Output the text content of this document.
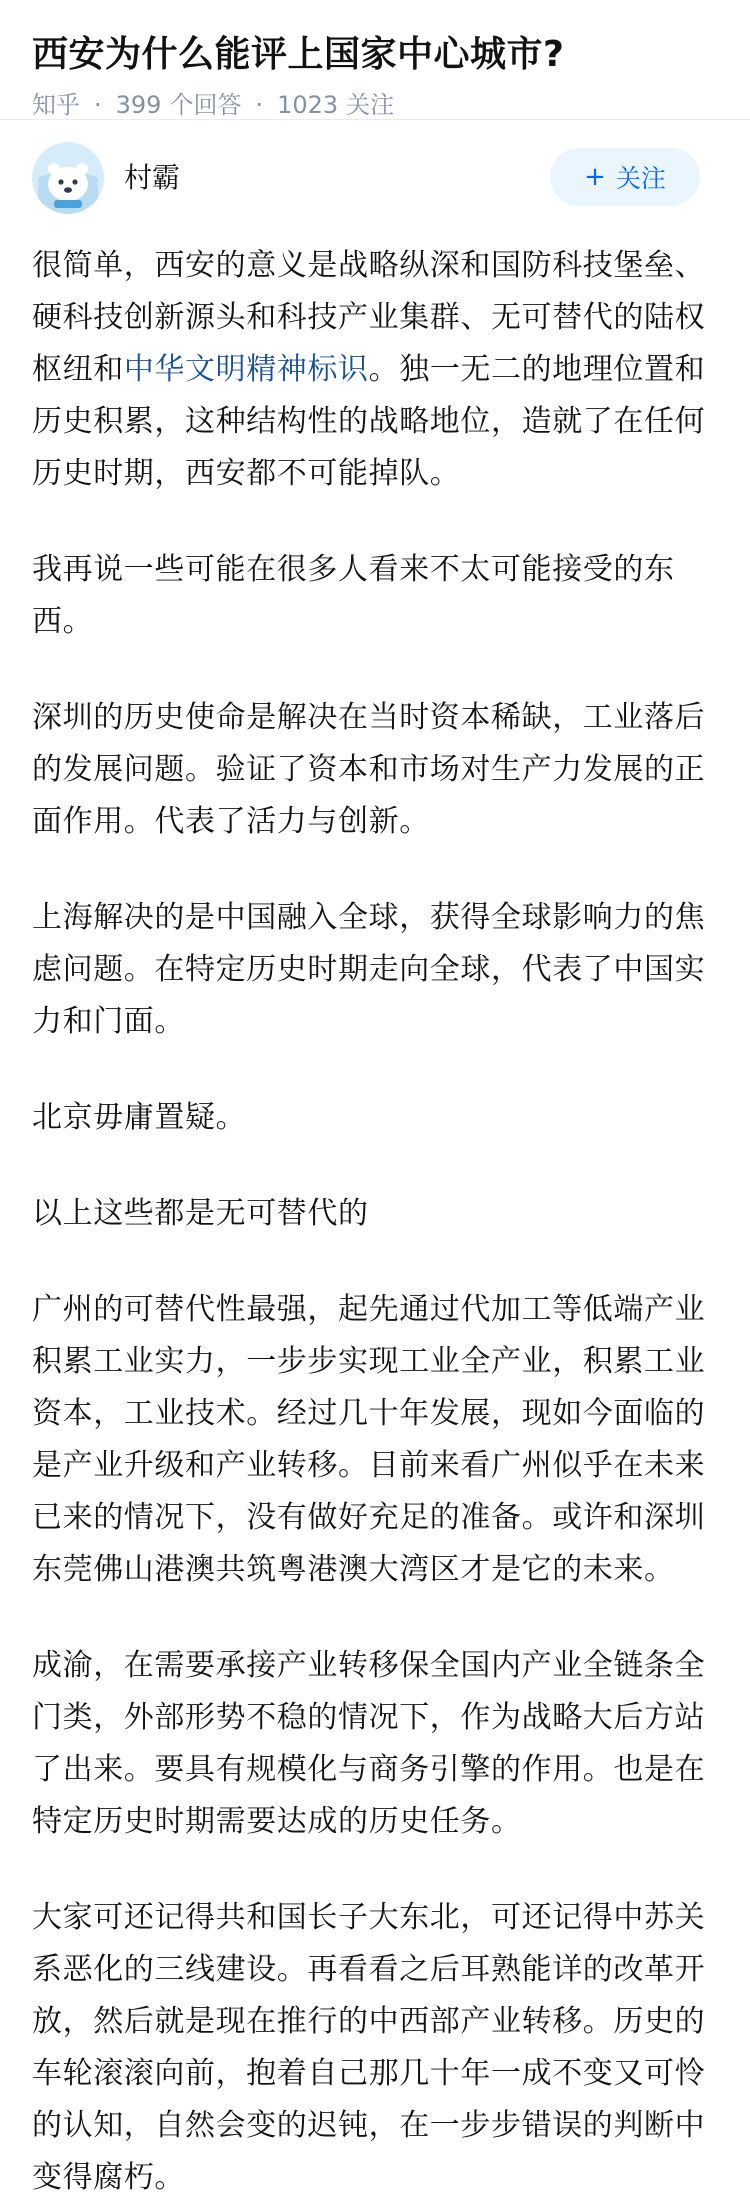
西安为什么能评上国家中心城市?
知乎 · 399 个回答 · 1023 关注
村霸	+ 关注

很简单，西安的意义是战略纵深和国防科技堡垒、硬科技创新源头和科技产业集群、无可替代的陆权枢纽和中华文明精神标识。独一无二的地理位置和历史积累，这种结构性的战略地位，造就了在任何历史时期，西安都不可能掉队。

我再说一些可能在很多人看来不太可能接受的东西。

深圳的历史使命是解决在当时资本稀缺，工业落后的发展问题。验证了资本和市场对生产力发展的正面作用。代表了活力与创新。

上海解决的是中国融入全球，获得全球影响力的焦虑问题。在特定历史时期走向全球，代表了中国实力和门面。

北京毋庸置疑。

以上这些都是无可替代的

广州的可替代性最强，起先通过代加工等低端产业积累工业实力，一步步实现工业全产业，积累工业资本，工业技术。经过几十年发展，现如今面临的是产业升级和产业转移。目前来看广州似乎在未来已来的情况下，没有做好充足的准备。或许和深圳东莞佛山港澳共筑粤港澳大湾区才是它的未来。

成渝，在需要承接产业转移保全国内产业全链条全门类，外部形势不稳的情况下，作为战略大后方站了出来。要具有规模化与商务引擎的作用。也是在特定历史时期需要达成的历史任务。

大家可还记得共和国长子大东北，可还记得中苏关系恶化的三线建设。再看看之后耳熟能详的改革开放，然后就是现在推行的中西部产业转移。历史的车轮滚滚向前，抱着自己那几十年一成不变又可怜的认知，自然会变的迟钝，在一步步错误的判断中变得腐朽。
